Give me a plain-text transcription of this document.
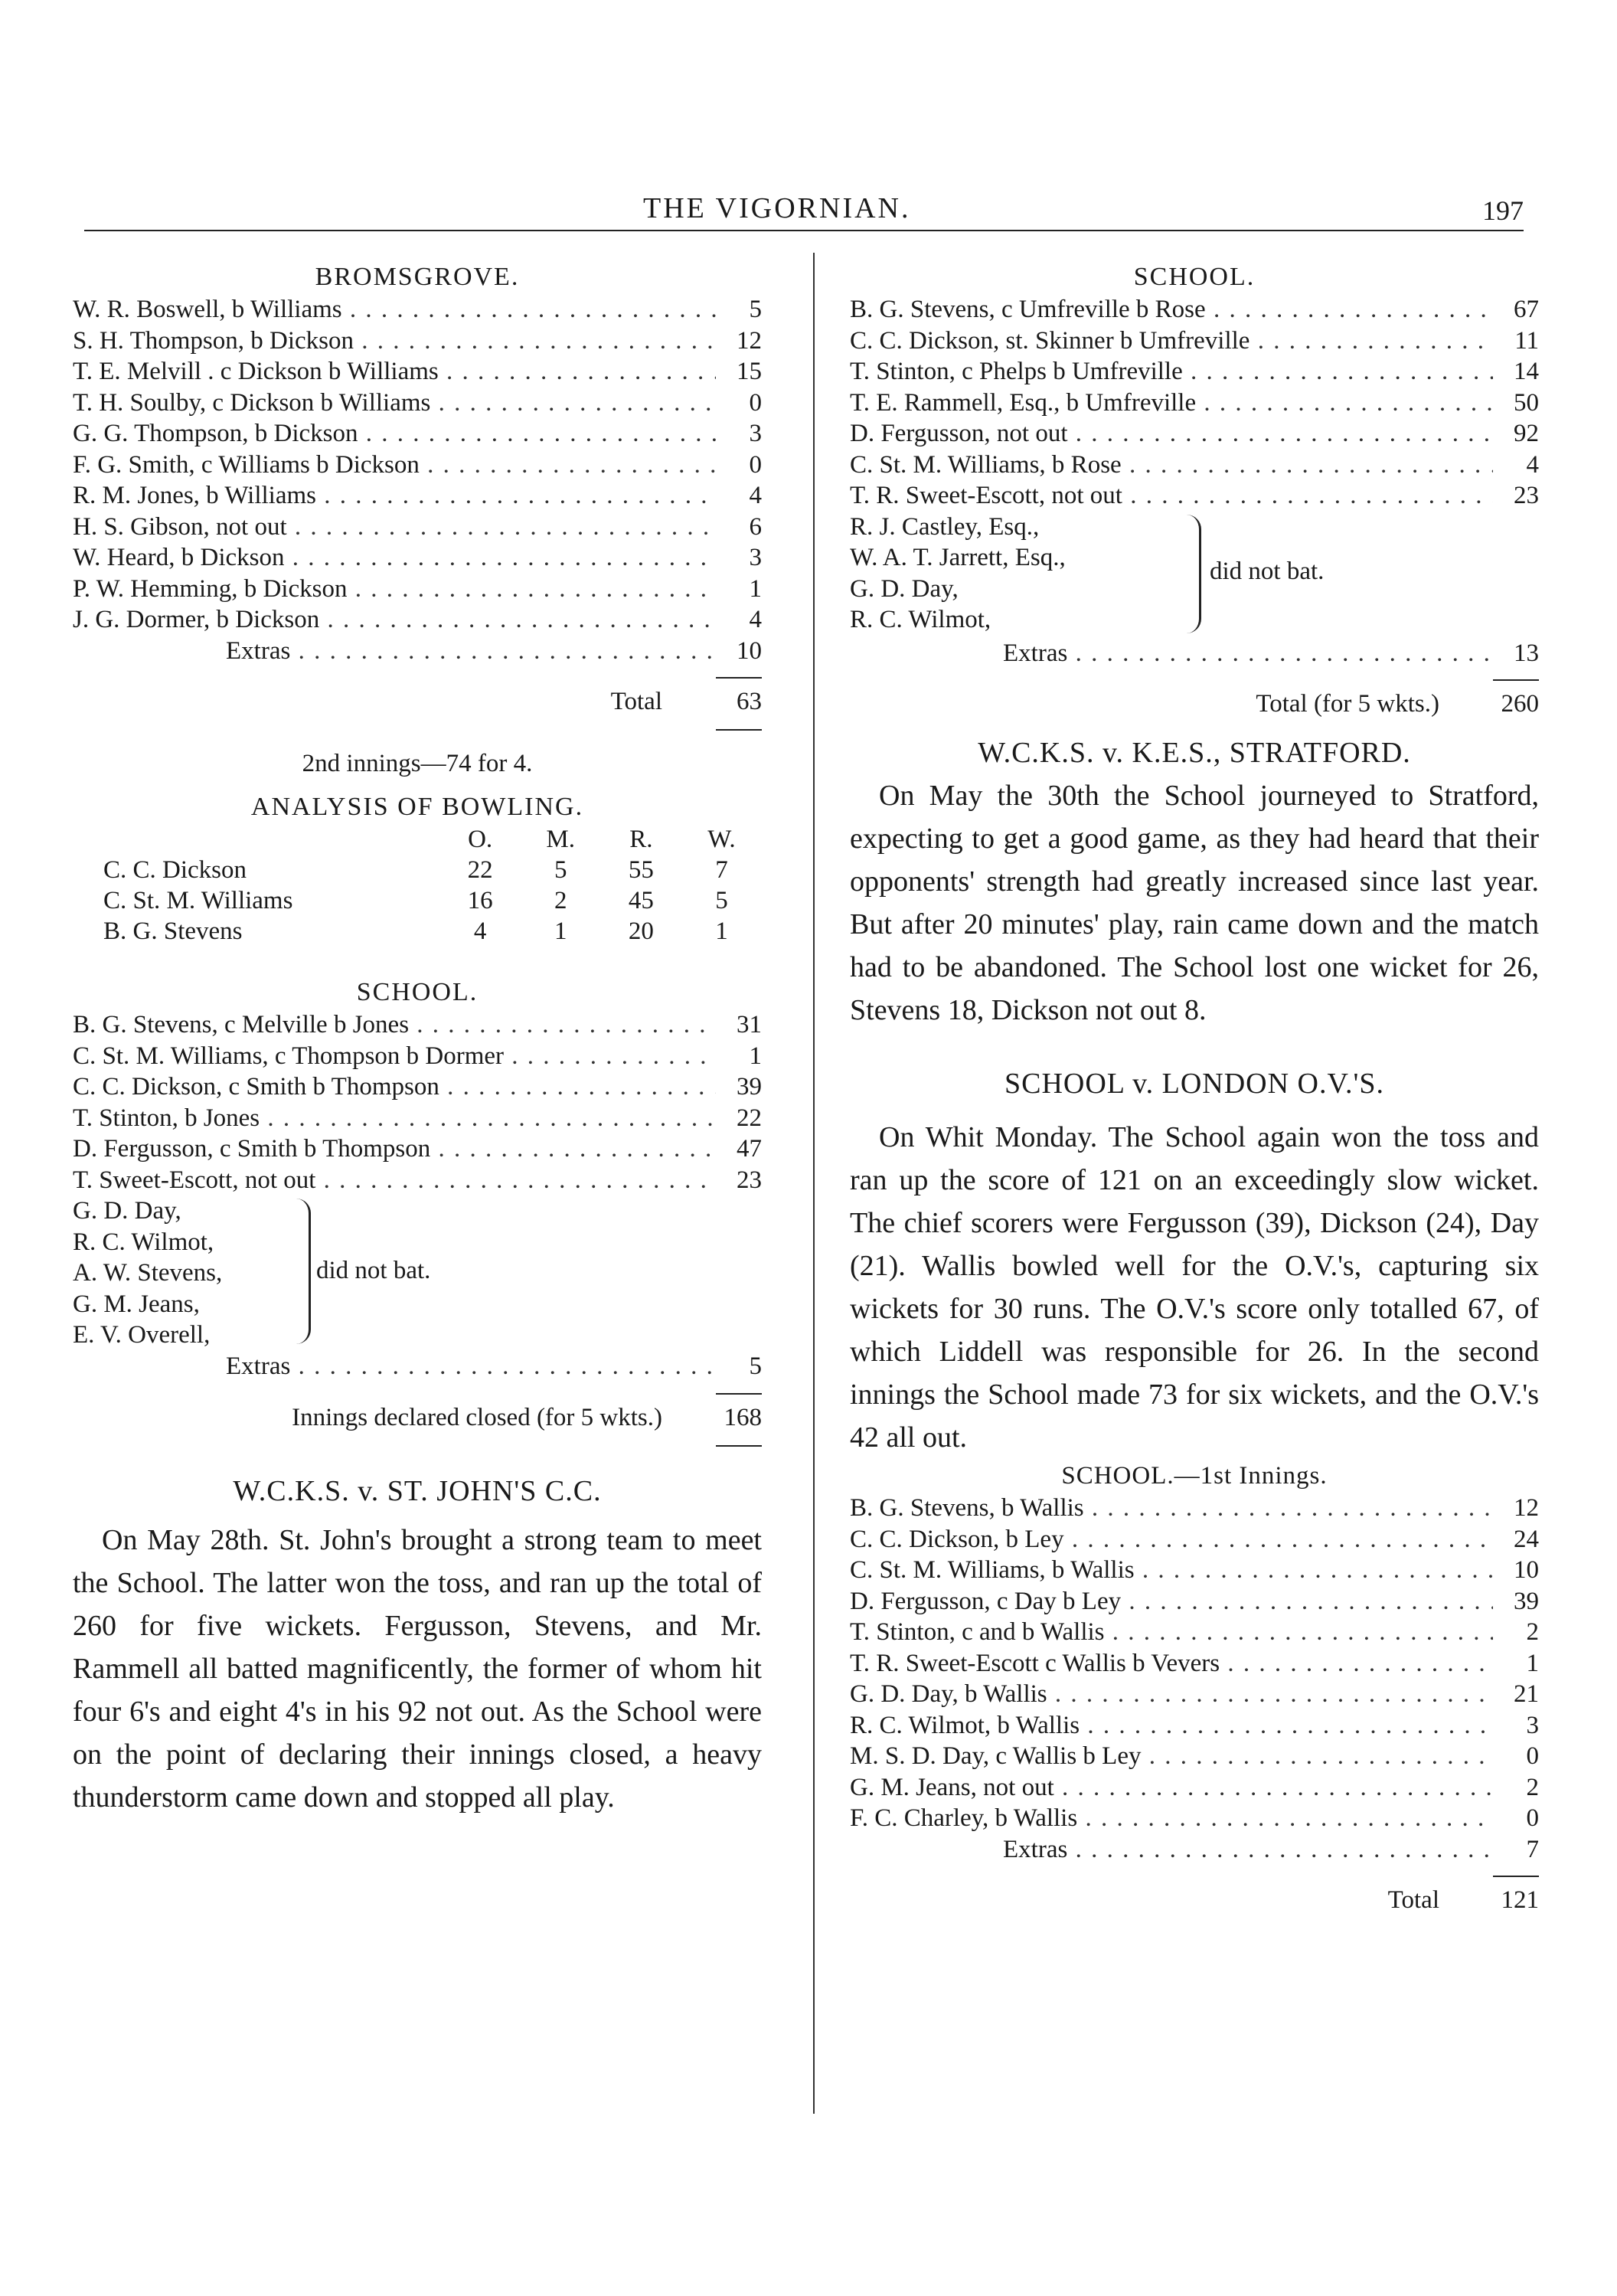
THE VIGORNIAN.	197
BROMSGROVE.
W. R. Boswell, b Williams . . .	5
S. H. Thompson, b Dickson . . .	12
T. E. Melvill . c Dickson b Williams . . .	15
T. H. Soulby, c Dickson b Williams . . .	0
G. G. Thompson, b Dickson . . .	3
F. G. Smith, c Williams b Dickson . . .	0
R. M. Jones, b Williams . . .	4
H. S. Gibson, not out . . .	6
W. Heard, b Dickson . . .	3
P. W. Hemming, b Dickson . . .	1
J. G. Dormer, b Dickson . . .	4
Extras . . .	10
Total	63
2nd innings—74 for 4.
ANALYSIS OF BOWLING.
O.	M.	R.	W.
C. C. Dickson	22	5	55	7
C. St. M. Williams	16	2	45	5
B. G. Stevens	4	1	20	1
SCHOOL.
B. G. Stevens, c Melville b Jones . . .	31
C. St. M. Williams, c Thompson b Dormer . . .	1
C. C. Dickson, c Smith b Thompson . . .	39
T. Stinton, b Jones . . .	22
D. Fergusson, c Smith b Thompson . . .	47
T. Sweet-Escott, not out . . .	23
G. D. Day,
R. C. Wilmot,
A. W. Stevens,
G. M. Jeans,
E. V. Overell,
did not bat.
Extras . . .	5
Innings declared closed (for 5 wkts.)	168
W.C.K.S. v. ST. JOHN'S C.C.

On May 28th. St. John's brought a strong team to meet the School. The latter won the toss, and ran up the total of 260 for five wickets. Fergusson, Stevens, and Mr. Rammell all batted magnificently, the former of whom hit four 6's and eight 4's in his 92 not out. As the School were on the point of declaring their innings closed, a heavy thunderstorm came down and stopped all play.

SCHOOL.
B. G. Stevens, c Umfreville b Rose . . .	67
C. C. Dickson, st. Skinner b Umfreville . . .	11
T. Stinton, c Phelps b Umfreville . . .	14
T. E. Rammell, Esq., b Umfreville . . .	50
D. Fergusson, not out . . .	92
C. St. M. Williams, b Rose . . .	4
T. R. Sweet-Escott, not out . . .	23
R. J. Castley, Esq.,
W. A. T. Jarrett, Esq.,
G. D. Day,
R. C. Wilmot,
did not bat.
Extras . . .	13
Total (for 5 wkts.)	260
W.C.K.S. v. K.E.S., STRATFORD.

On May the 30th the School journeyed to Stratford, expecting to get a good game, as they had heard that their opponents' strength had greatly increased since last year. But after 20 minutes' play, rain came down and the match had to be abandoned. The School lost one wicket for 26, Stevens 18, Dickson not out 8.

SCHOOL v. LONDON O.V.'S.

On Whit Monday. The School again won the toss and ran up the score of 121 on an exceedingly slow wicket. The chief scorers were Fergusson (39), Dickson (24), Day (21). Wallis bowled well for the O.V.'s, capturing six wickets for 30 runs. The O.V.'s score only totalled 67, of which Liddell was responsible for 26. In the second innings the School made 73 for six wickets, and the O.V.'s 42 all out.

SCHOOL.—1st Innings.
B. G. Stevens, b Wallis . . .	12
C. C. Dickson, b Ley . . .	24
C. St. M. Williams, b Wallis . . .	10
D. Fergusson, c Day b Ley . . .	39
T. Stinton, c and b Wallis . . .	2
T. R. Sweet-Escott c Wallis b Vevers . . .	1
G. D. Day, b Wallis . . .	21
R. C. Wilmot, b Wallis . . .	3
M. S. D. Day, c Wallis b Ley . . .	0
G. M. Jeans, not out . . .	2
F. C. Charley, b Wallis . . .	0
Extras . . .	7
Total	121
